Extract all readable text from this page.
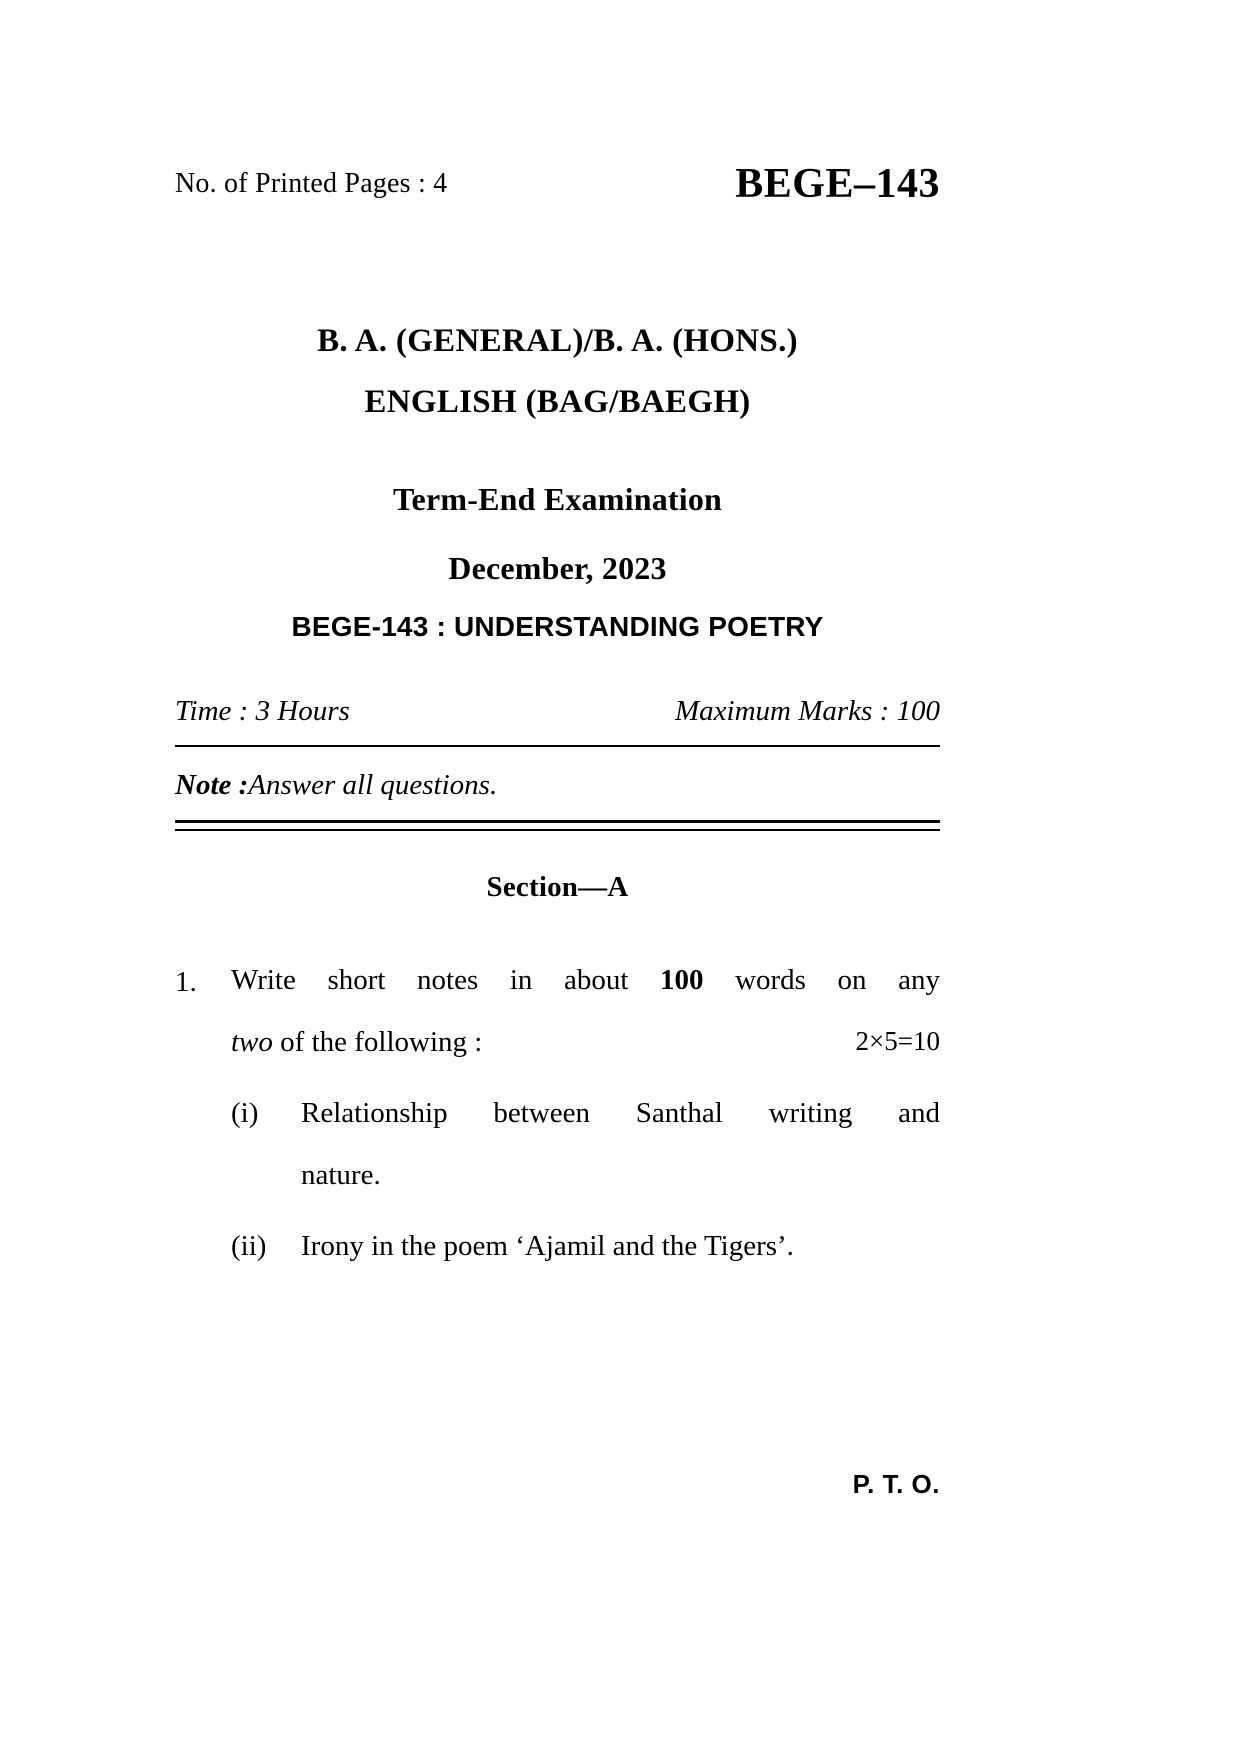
No. of Printed Pages : 4	BEGE–143
B. A. (GENERAL)/B. A. (HONS.)
ENGLISH (BAG/BAEGH)
Term-End Examination
December, 2023
BEGE-143 : UNDERSTANDING POETRY
Time : 3 Hours	Maximum Marks : 100
Note :Answer all questions.
Section—A
1.	Write short notes in about 100 words on any
two of the following :	2×5=10
(i)	Relationship between Santhal writing and
nature.
(ii)	Irony in the poem ‘Ajamil and the Tigers’.
P. T. O.
